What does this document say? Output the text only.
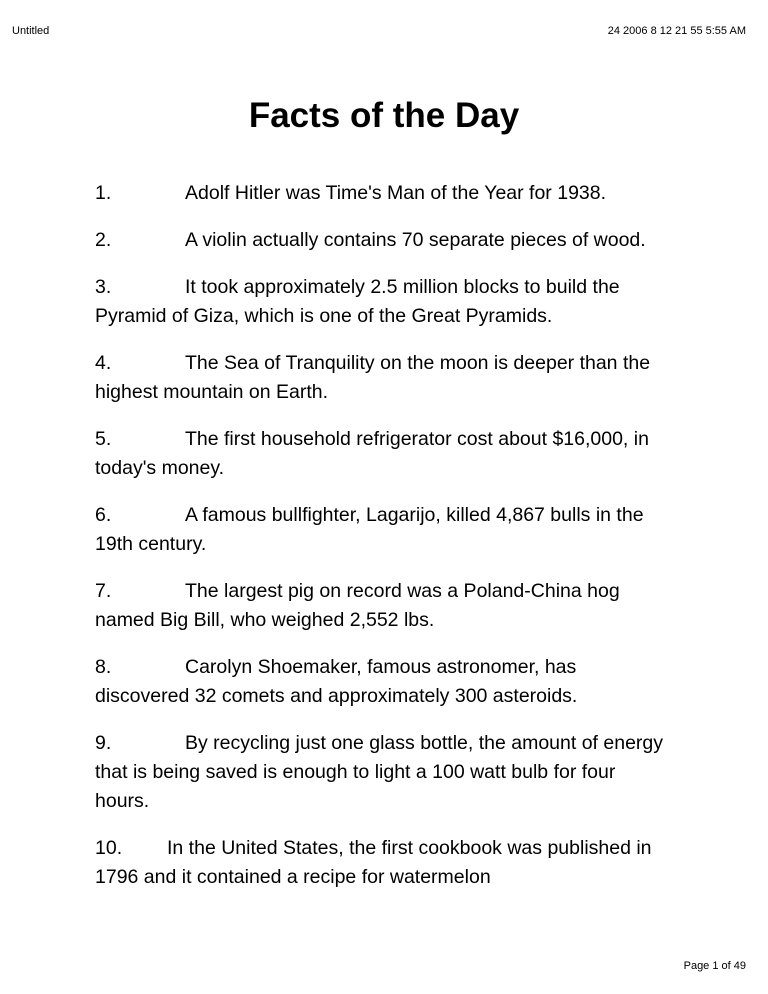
Untitled	24 2006 8 12 21 55 5:55 AM
Facts of the Day
1.	Adolf Hitler was Time's Man of the Year for 1938.
2.	A violin actually contains 70 separate pieces of wood.
3.	It took approximately 2.5 million blocks to build the Pyramid of Giza, which is one of the Great Pyramids.
4.	The Sea of Tranquility on the moon is deeper than the highest mountain on Earth.
5.	The first household refrigerator cost about $16,000, in today's money.
6.	A famous bullfighter, Lagarijo, killed 4,867 bulls in the 19th century.
7.	The largest pig on record was a Poland-China hog named Big Bill, who weighed 2,552 lbs.
8.	Carolyn Shoemaker, famous astronomer, has discovered 32 comets and approximately 300 asteroids.
9.	By recycling just one glass bottle, the amount of energy that is being saved is enough to light a 100 watt bulb for four hours.
10. In the United States, the first cookbook was published in 1796 and it contained a recipe for watermelon
Page 1 of 49
